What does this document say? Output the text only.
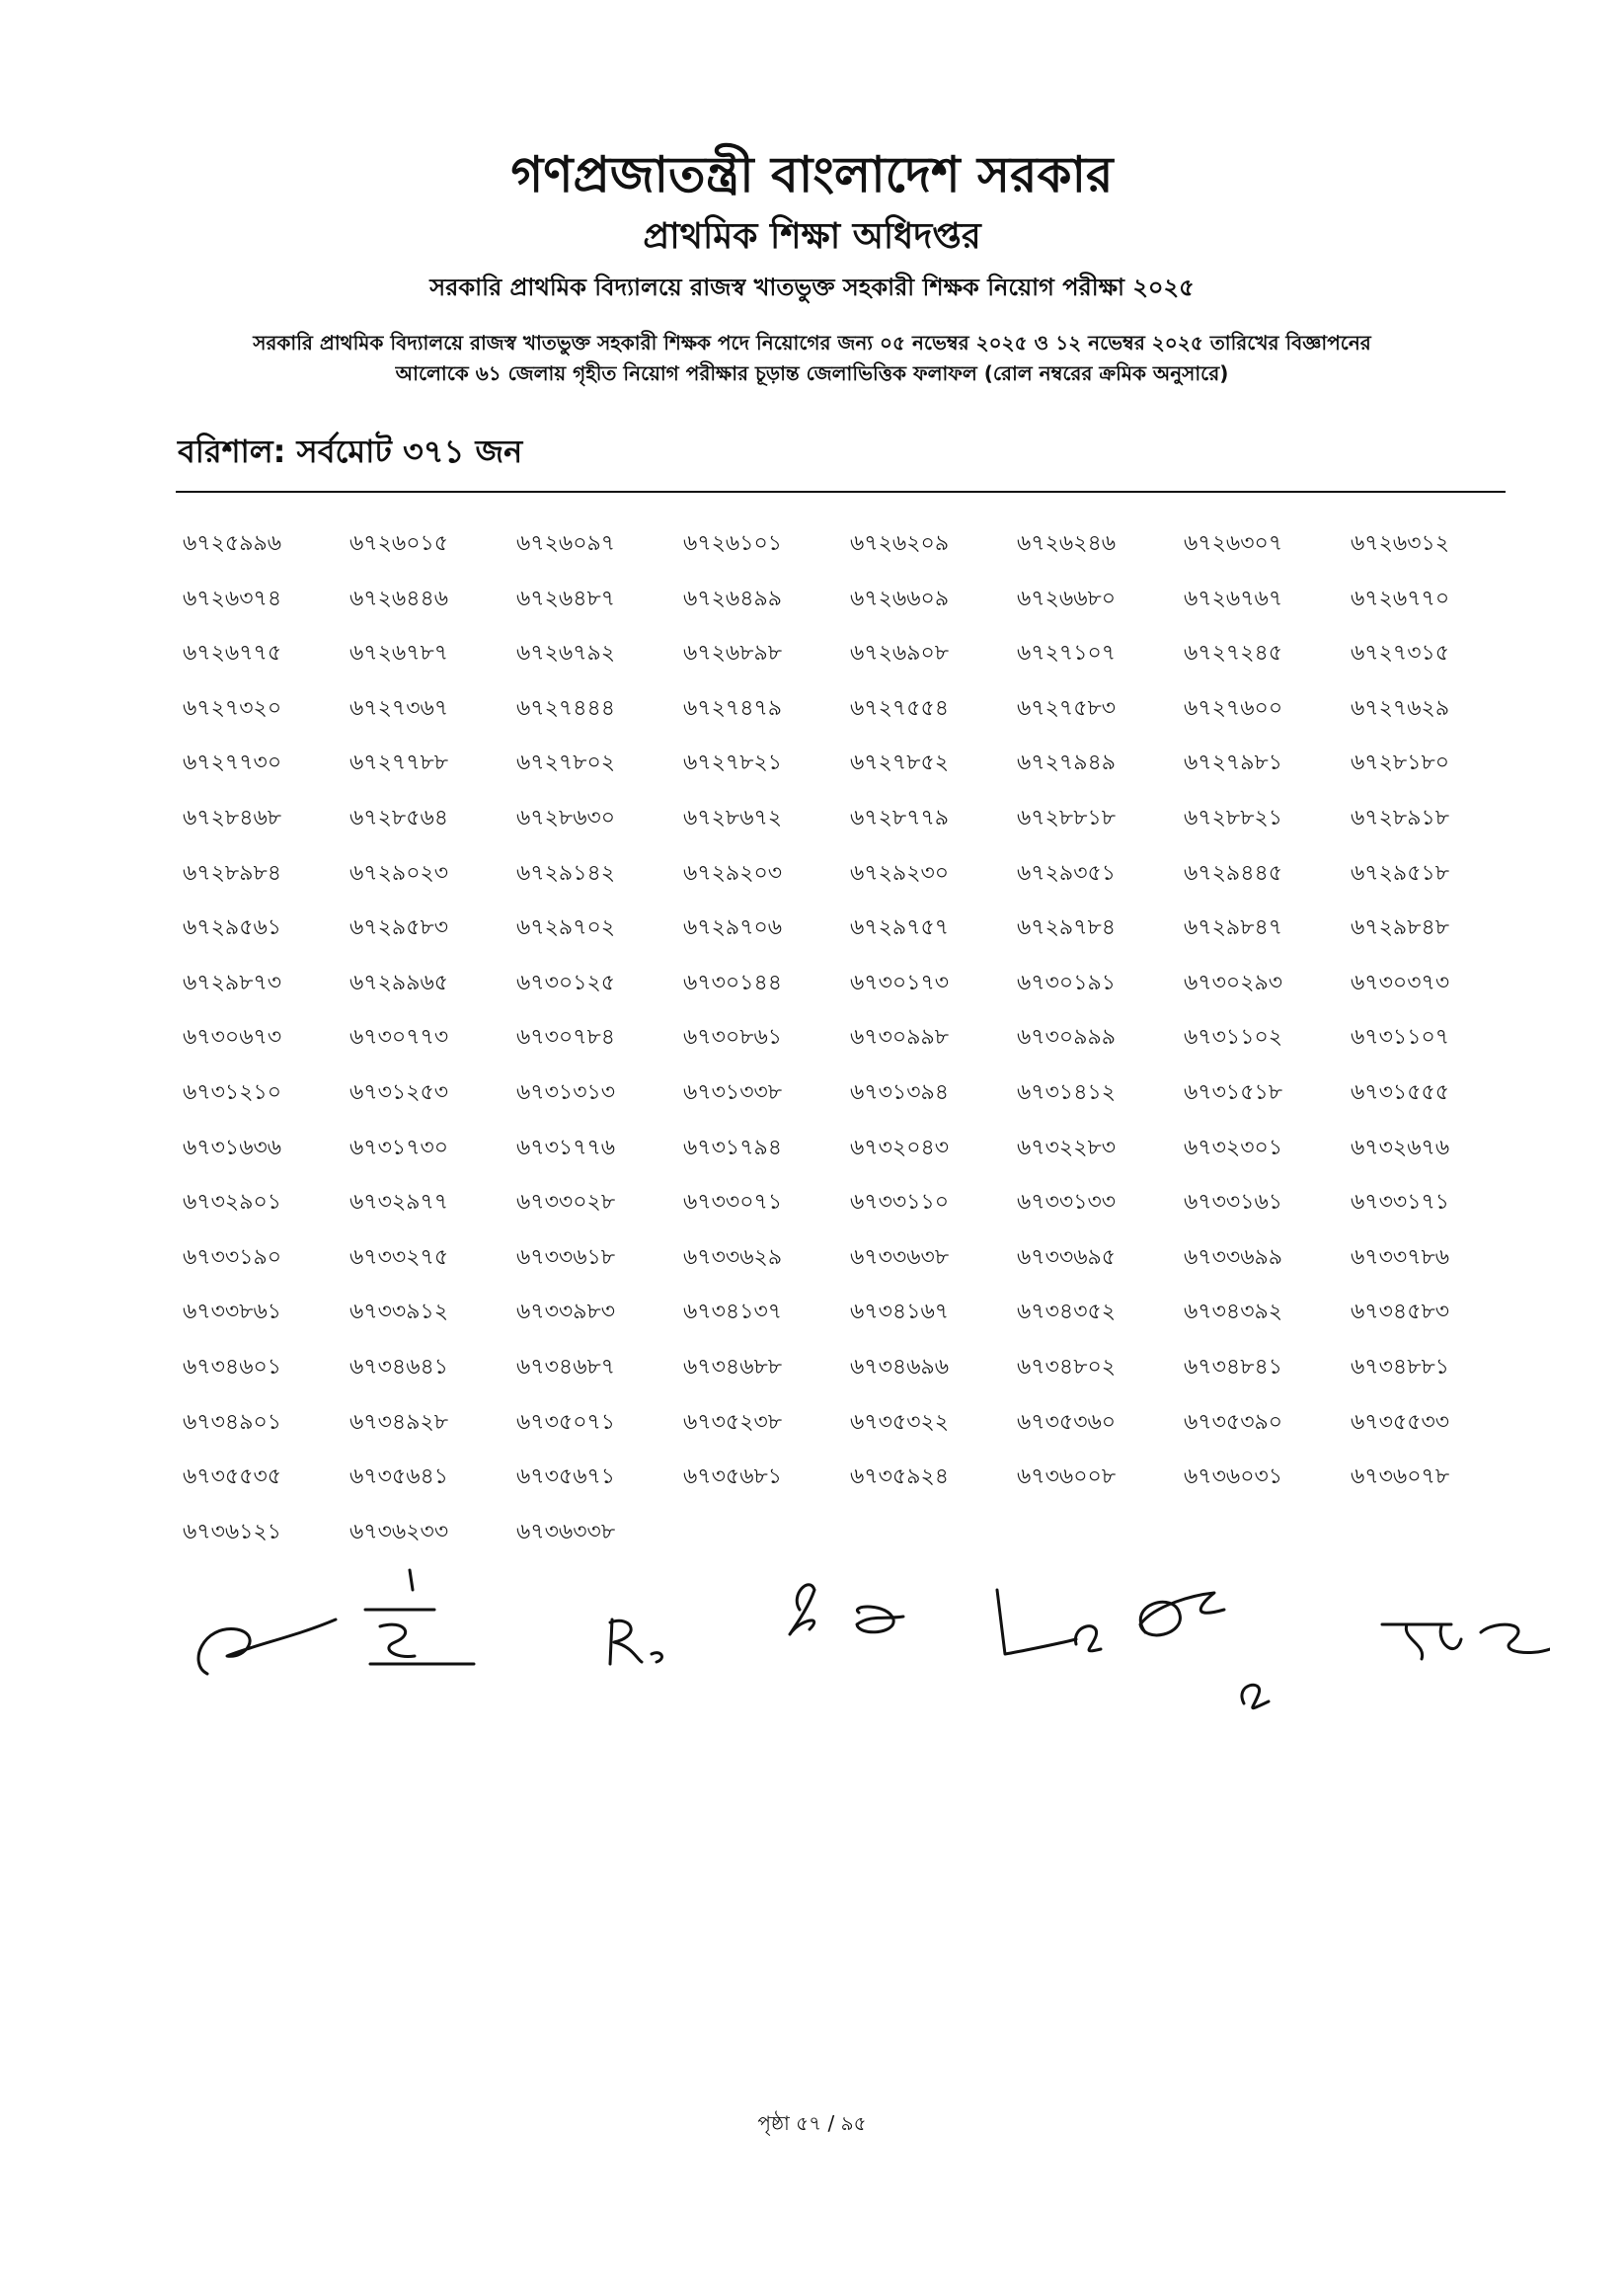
গণপ্রজাতন্ত্রী বাংলাদেশ সরকার
প্রাথমিক শিক্ষা অধিদপ্তর
সরকারি প্রাথমিক বিদ্যালয়ে রাজস্ব খাতভুক্ত সহকারী শিক্ষক নিয়োগ পরীক্ষা ২০২৫
সরকারি প্রাথমিক বিদ্যালয়ে রাজস্ব খাতভুক্ত সহকারী শিক্ষক পদে নিয়োগের জন্য ০৫ নভেম্বর ২০২৫ ও ১২ নভেম্বর ২০২৫ তারিখের বিজ্ঞাপনের
আলোকে ৬১ জেলায় গৃহীত নিয়োগ পরীক্ষার চূড়ান্ত জেলাভিত্তিক ফলাফল (রোল নম্বরের ক্রমিক অনুসারে)
বরিশাল: সর্বমোট ৩৭১ জন
৬৭২৫৯৯৬	৬৭২৬০১৫	৬৭২৬০৯৭	৬৭২৬১০১	৬৭২৬২০৯	৬৭২৬২৪৬	৬৭২৬৩০৭	৬৭২৬৩১২
৬৭২৬৩৭৪	৬৭২৬৪৪৬	৬৭২৬৪৮৭	৬৭২৬৪৯৯	৬৭২৬৬০৯	৬৭২৬৬৮০	৬৭২৬৭৬৭	৬৭২৬৭৭০
৬৭২৬৭৭৫	৬৭২৬৭৮৭	৬৭২৬৭৯২	৬৭২৬৮৯৮	৬৭২৬৯০৮	৬৭২৭১০৭	৬৭২৭২৪৫	৬৭২৭৩১৫
৬৭২৭৩২০	৬৭২৭৩৬৭	৬৭২৭৪৪৪	৬৭২৭৪৭৯	৬৭২৭৫৫৪	৬৭২৭৫৮৩	৬৭২৭৬০০	৬৭২৭৬২৯
৬৭২৭৭৩০	৬৭২৭৭৮৮	৬৭২৭৮০২	৬৭২৭৮২১	৬৭২৭৮৫২	৬৭২৭৯৪৯	৬৭২৭৯৮১	৬৭২৮১৮০
৬৭২৮৪৬৮	৬৭২৮৫৬৪	৬৭২৮৬৩০	৬৭২৮৬৭২	৬৭২৮৭৭৯	৬৭২৮৮১৮	৬৭২৮৮২১	৬৭২৮৯১৮
৬৭২৮৯৮৪	৬৭২৯০২৩	৬৭২৯১৪২	৬৭২৯২০৩	৬৭২৯২৩০	৬৭২৯৩৫১	৬৭২৯৪৪৫	৬৭২৯৫১৮
৬৭২৯৫৬১	৬৭২৯৫৮৩	৬৭২৯৭০২	৬৭২৯৭০৬	৬৭২৯৭৫৭	৬৭২৯৭৮৪	৬৭২৯৮৪৭	৬৭২৯৮৪৮
৬৭২৯৮৭৩	৬৭২৯৯৬৫	৬৭৩০১২৫	৬৭৩০১৪৪	৬৭৩০১৭৩	৬৭৩০১৯১	৬৭৩০২৯৩	৬৭৩০৩৭৩
৬৭৩০৬৭৩	৬৭৩০৭৭৩	৬৭৩০৭৮৪	৬৭৩০৮৬১	৬৭৩০৯৯৮	৬৭৩০৯৯৯	৬৭৩১১০২	৬৭৩১১০৭
৬৭৩১২১০	৬৭৩১২৫৩	৬৭৩১৩১৩	৬৭৩১৩৩৮	৬৭৩১৩৯৪	৬৭৩১৪১২	৬৭৩১৫১৮	৬৭৩১৫৫৫
৬৭৩১৬৩৬	৬৭৩১৭৩০	৬৭৩১৭৭৬	৬৭৩১৭৯৪	৬৭৩২০৪৩	৬৭৩২২৮৩	৬৭৩২৩০১	৬৭৩২৬৭৬
৬৭৩২৯০১	৬৭৩২৯৭৭	৬৭৩৩০২৮	৬৭৩৩০৭১	৬৭৩৩১১০	৬৭৩৩১৩৩	৬৭৩৩১৬১	৬৭৩৩১৭১
৬৭৩৩১৯০	৬৭৩৩২৭৫	৬৭৩৩৬১৮	৬৭৩৩৬২৯	৬৭৩৩৬৩৮	৬৭৩৩৬৯৫	৬৭৩৩৬৯৯	৬৭৩৩৭৮৬
৬৭৩৩৮৬১	৬৭৩৩৯১২	৬৭৩৩৯৮৩	৬৭৩৪১৩৭	৬৭৩৪১৬৭	৬৭৩৪৩৫২	৬৭৩৪৩৯২	৬৭৩৪৫৮৩
৬৭৩৪৬০১	৬৭৩৪৬৪১	৬৭৩৪৬৮৭	৬৭৩৪৬৮৮	৬৭৩৪৬৯৬	৬৭৩৪৮০২	৬৭৩৪৮৪১	৬৭৩৪৮৮১
৬৭৩৪৯০১	৬৭৩৪৯২৮	৬৭৩৫০৭১	৬৭৩৫২৩৮	৬৭৩৫৩২২	৬৭৩৫৩৬০	৬৭৩৫৩৯০	৬৭৩৫৫৩৩
৬৭৩৫৫৩৫	৬৭৩৫৬৪১	৬৭৩৫৬৭১	৬৭৩৫৬৮১	৬৭৩৫৯২৪	৬৭৩৬০০৮	৬৭৩৬০৩১	৬৭৩৬০৭৮
৬৭৩৬১২১	৬৭৩৬২৩৩	৬৭৩৬৩৩৮
পৃষ্ঠা ৫৭ / ৯৫
